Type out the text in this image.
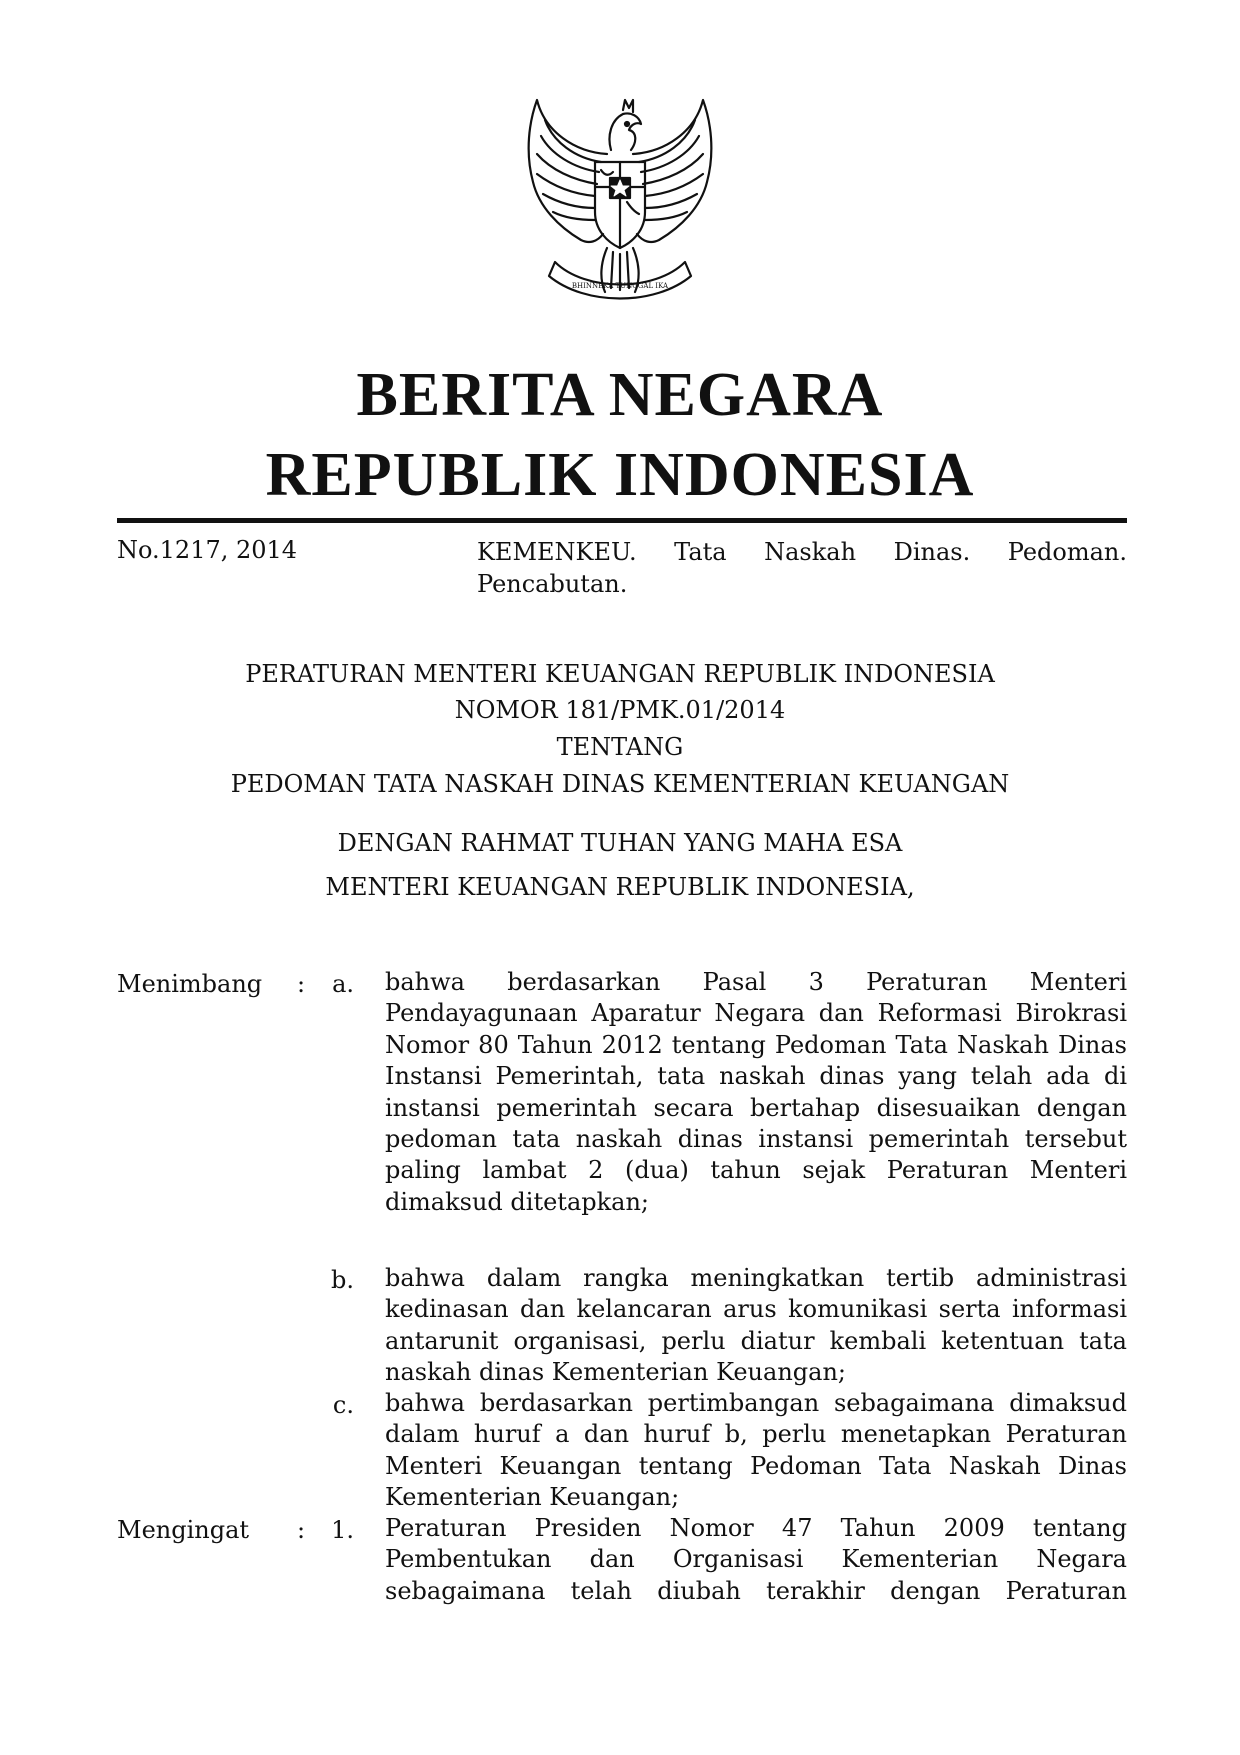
BHINNEKA TUNGGAL IKA
BERITA NEGARA
REPUBLIK INDONESIA
No.1217, 2014	KEMENKEU. Tata Naskah Dinas. Pedoman. Pencabutan.
PERATURAN MENTERI KEUANGAN REPUBLIK INDONESIA
NOMOR 181/PMK.01/2014
TENTANG
PEDOMAN TATA NASKAH DINAS KEMENTERIAN KEUANGAN
DENGAN RAHMAT TUHAN YANG MAHA ESA
MENTERI KEUANGAN REPUBLIK INDONESIA,
Menimbang :	a. bahwa berdasarkan Pasal 3 Peraturan Menteri Pendayagunaan Aparatur Negara dan Reformasi Birokrasi Nomor 80 Tahun 2012 tentang Pedoman Tata Naskah Dinas Instansi Pemerintah, tata naskah dinas yang telah ada di instansi pemerintah secara bertahap disesuaikan dengan pedoman tata naskah dinas instansi pemerintah tersebut paling lambat 2 (dua) tahun sejak Peraturan Menteri dimaksud ditetapkan;
b. bahwa dalam rangka meningkatkan tertib administrasi kedinasan dan kelancaran arus komunikasi serta informasi antarunit organisasi, perlu diatur kembali ketentuan tata naskah dinas Kementerian Keuangan;
c. bahwa berdasarkan pertimbangan sebagaimana dimaksud dalam huruf a dan huruf b, perlu menetapkan Peraturan Menteri Keuangan tentang Pedoman Tata Naskah Dinas Kementerian Keuangan;
Mengingat :	1. Peraturan Presiden Nomor 47 Tahun 2009 tentang Pembentukan dan Organisasi Kementerian Negara sebagaimana telah diubah terakhir dengan Peraturan
